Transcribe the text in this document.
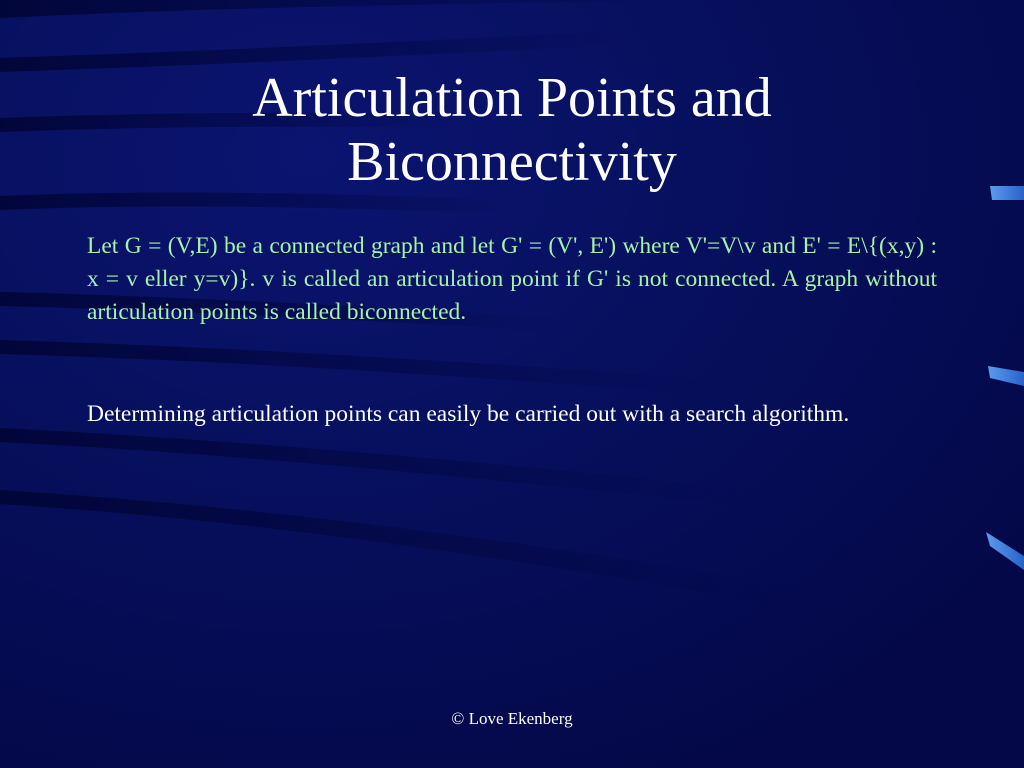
Articulation Points and
Biconnectivity

Let G = (V,E) be a connected graph and let G' = (V', E') where V'=V\v and E' = E\{(x,y) : x = v eller y=v)}. v is called an articulation point if G' is not connected. A graph without articulation points is called biconnected.

Determining articulation points can easily be carried out with a search algorithm.

© Love Ekenberg
